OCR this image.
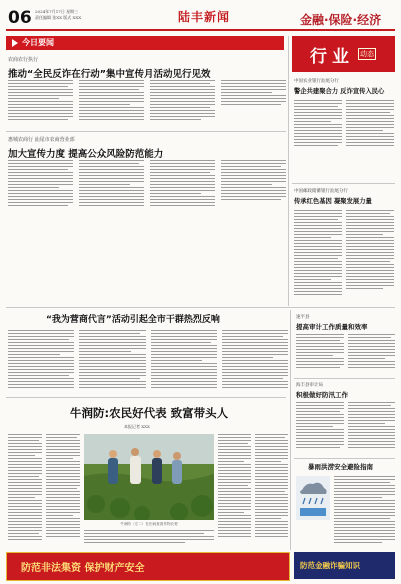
06 2024年7月17日 星期三
责任编辑 张XX 版式 XXX	陆丰新闻	金融·保险·经济
今日要闻
行 业 动态
农商农行执行
推动“全民反诈在行动”集中宣传月活动见行见效
惠城农商行 汕尾市农商营业部
加大宣传力度 提高公众风险防范能力
中国农业银行汕尾分行
警企共建聚合力 反诈宣传入民心
中国邮政储蓄银行汕尾分行
传承红色基因 凝聚发展力量
“我为营商代言”活动引起全市干群热烈反响
牛润防:农民好代表 致富带头人
本报记者 XXX
牛润防（左二）在田间查看作物长势
速平县
提高审计工作质量和效率
海丰县审计局
积极做好防汛工作
暴雨洪涝安全避险指南
防范非法集资 保护财产安全	防范金融诈骗知识
